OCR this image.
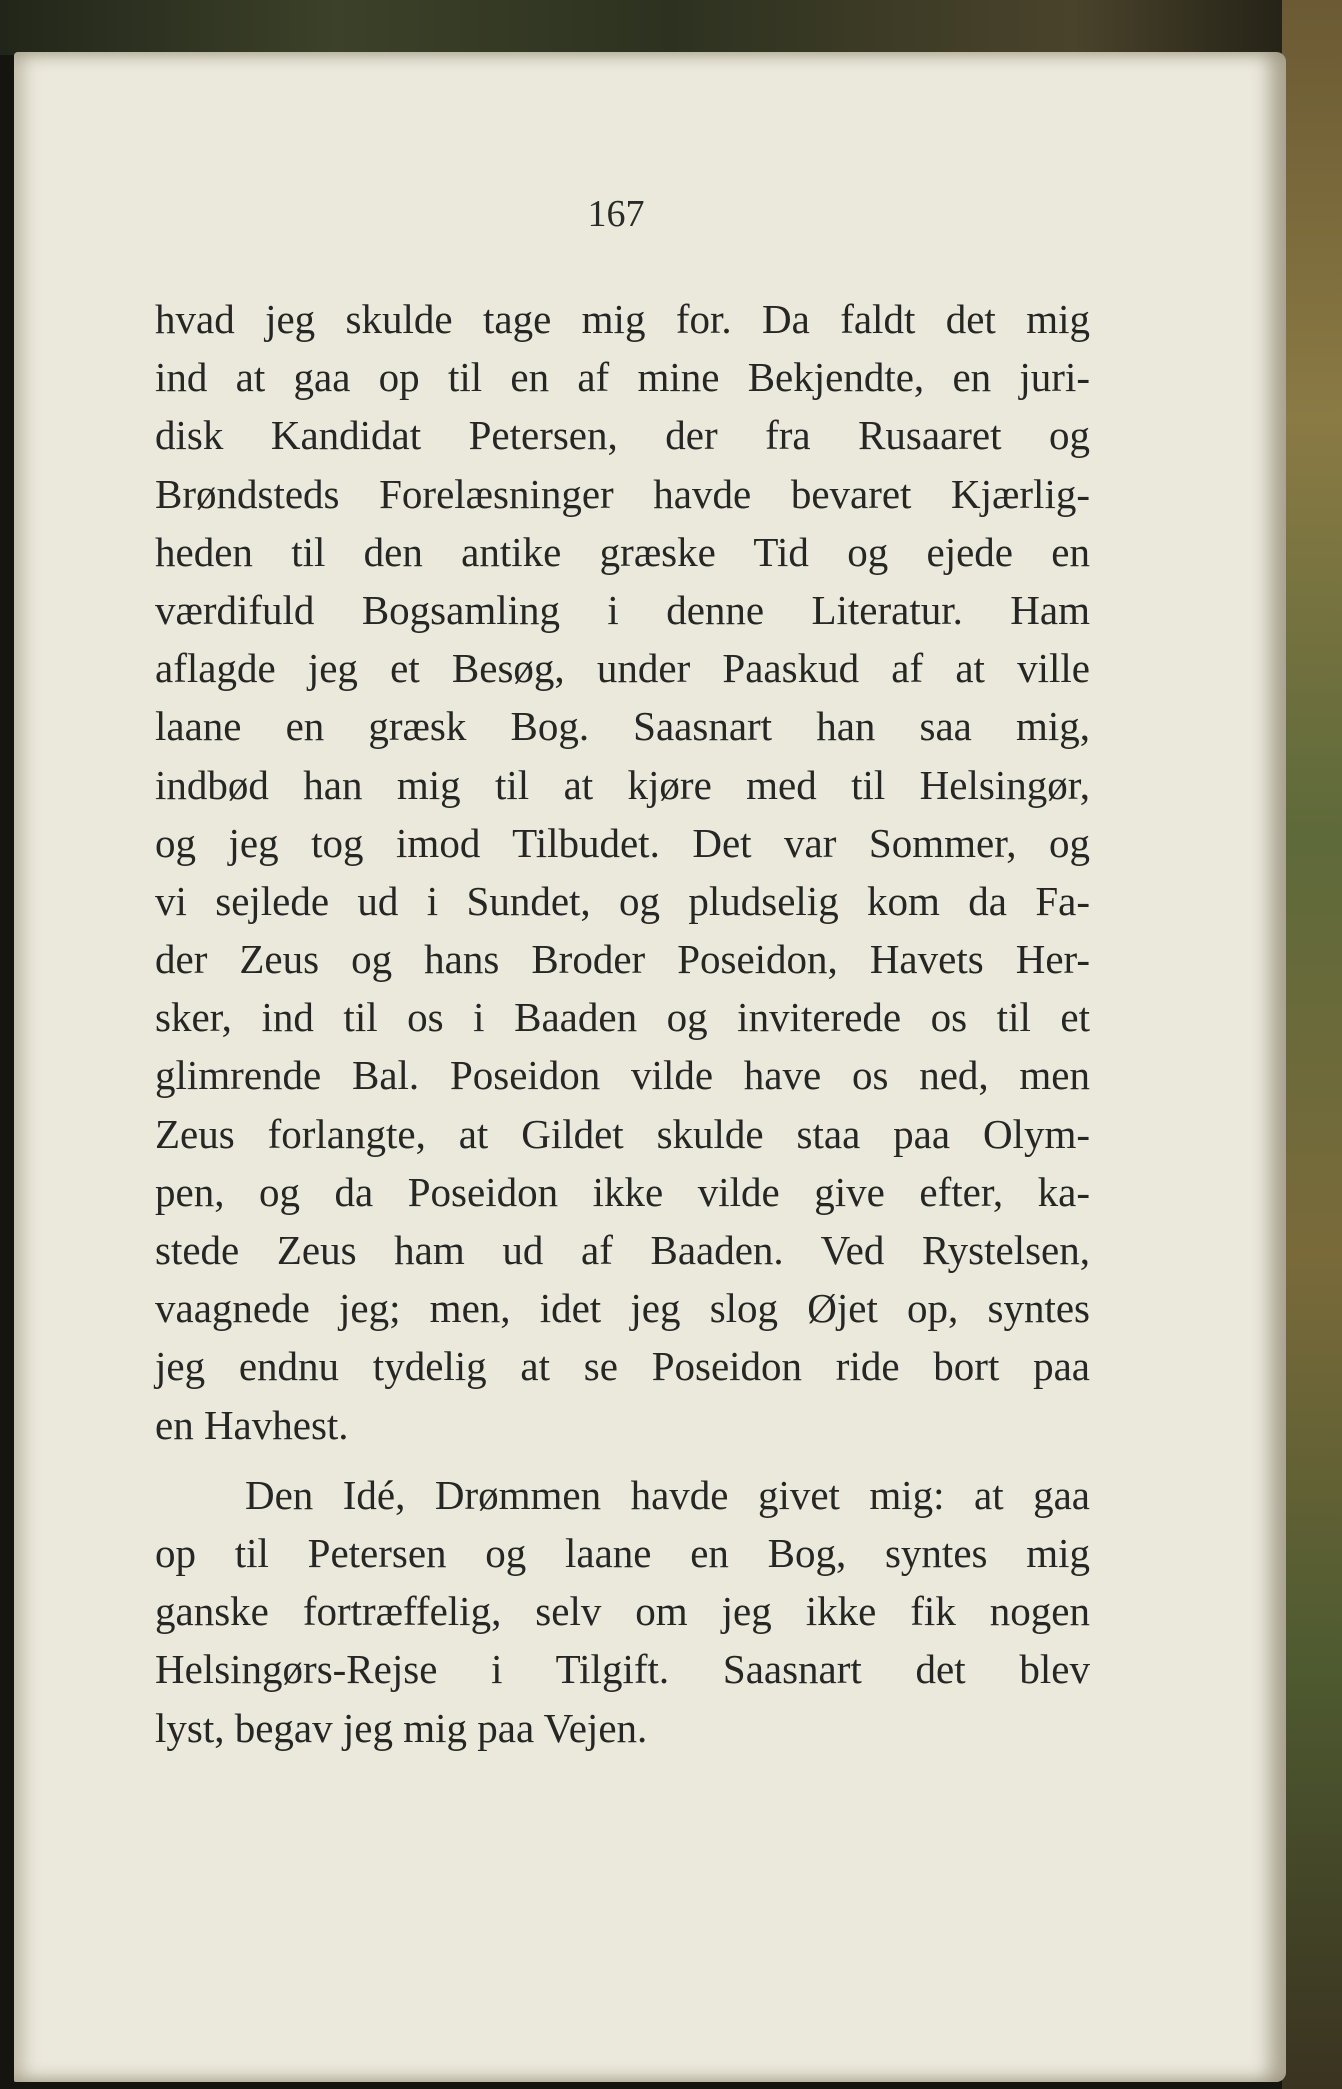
167
hvad jeg skulde tage mig for. Da faldt det mig
ind at gaa op til en af mine Bekjendte, en juri-
disk Kandidat Petersen, der fra Rusaaret og
Brøndsteds Forelæsninger havde bevaret Kjærlig-
heden til den antike græske Tid og ejede en
værdifuld Bogsamling i denne Literatur. Ham
aflagde jeg et Besøg, under Paaskud af at ville
laane en græsk Bog. Saasnart han saa mig,
indbød han mig til at kjøre med til Helsingør,
og jeg tog imod Tilbudet. Det var Sommer, og
vi sejlede ud i Sundet, og pludselig kom da Fa-
der Zeus og hans Broder Poseidon, Havets Her-
sker, ind til os i Baaden og inviterede os til et
glimrende Bal. Poseidon vilde have os ned, men
Zeus forlangte, at Gildet skulde staa paa Olym-
pen, og da Poseidon ikke vilde give efter, ka-
stede Zeus ham ud af Baaden. Ved Rystelsen,
vaagnede jeg; men, idet jeg slog Øjet op, syntes
jeg endnu tydelig at se Poseidon ride bort paa
en Havhest.
Den Idé, Drømmen havde givet mig: at gaa
op til Petersen og laane en Bog, syntes mig
ganske fortræffelig, selv om jeg ikke fik nogen
Helsingørs-Rejse i Tilgift. Saasnart det blev
lyst, begav jeg mig paa Vejen.
